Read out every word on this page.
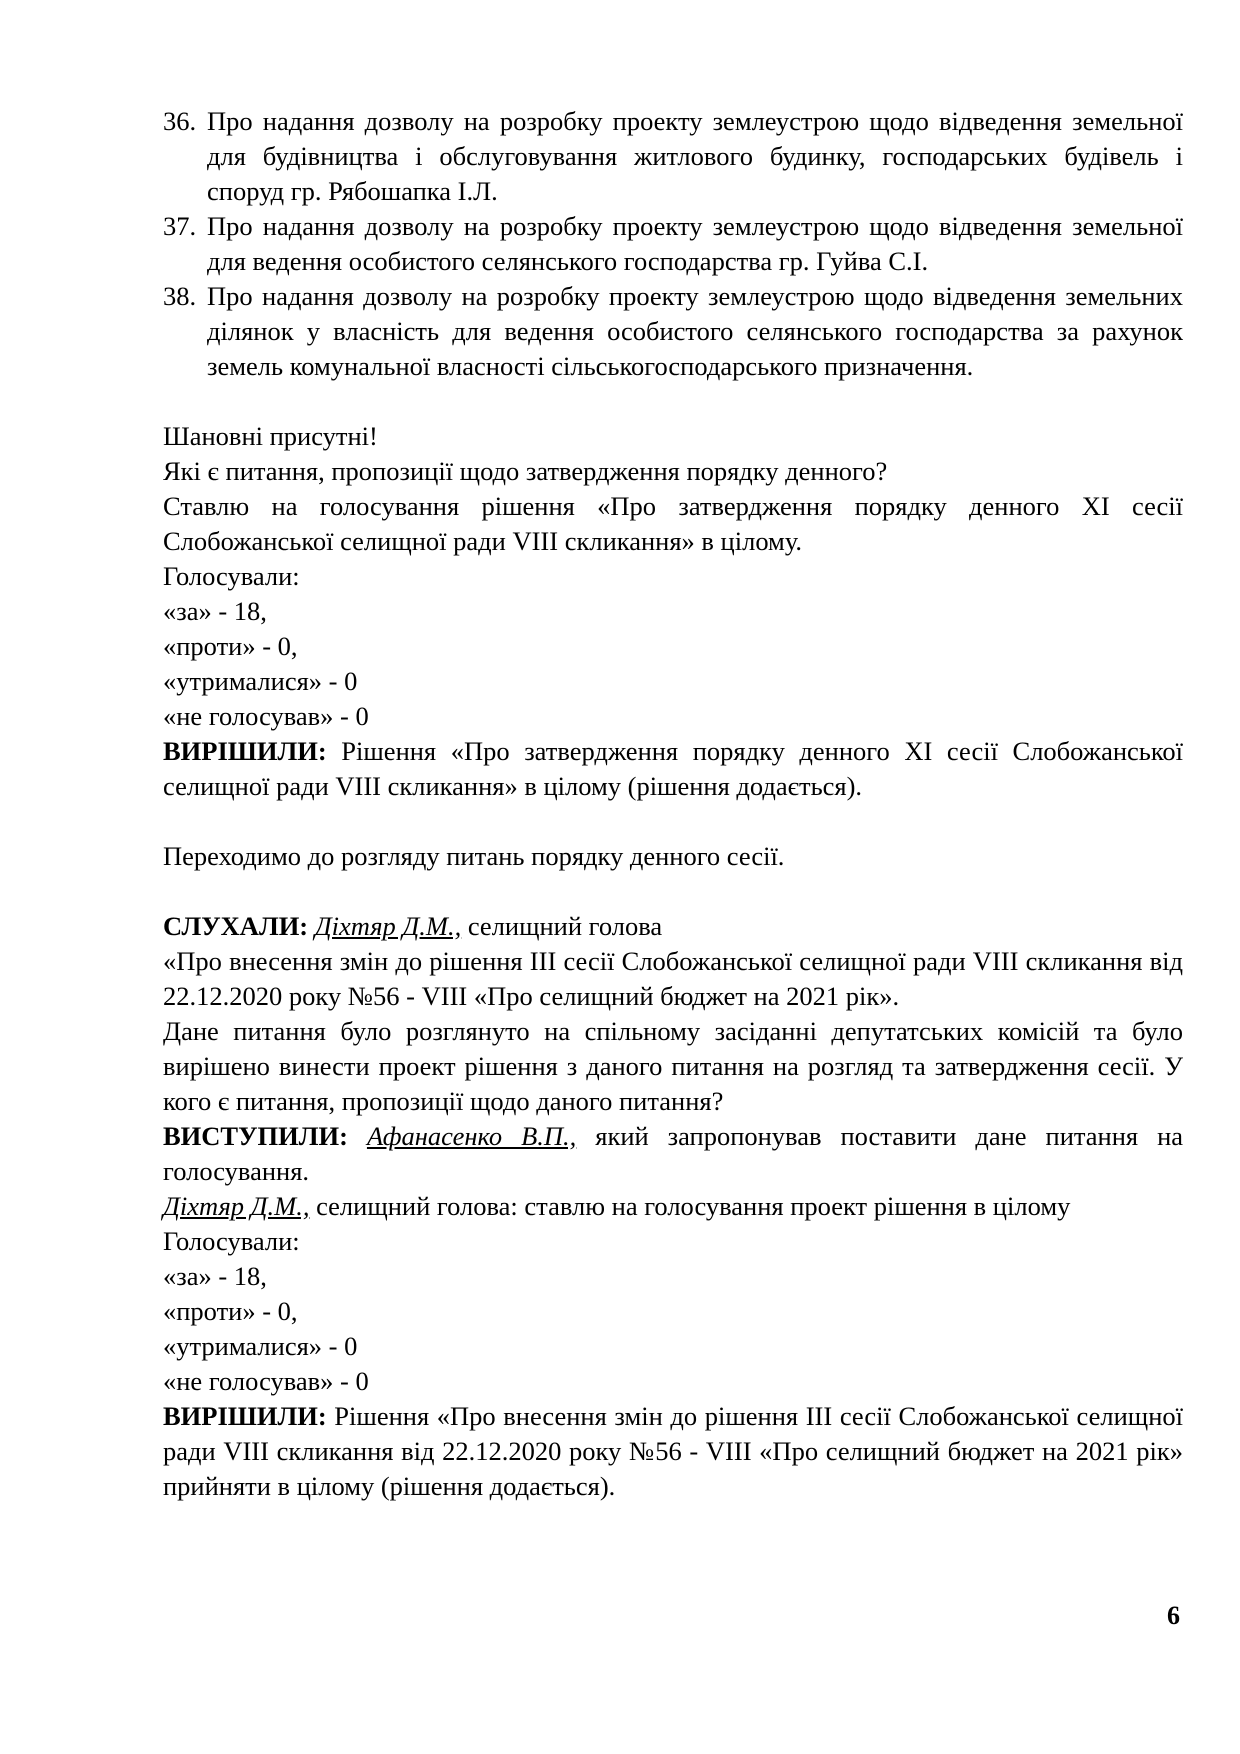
36. Про надання дозволу на розробку проекту землеустрою щодо відведення земельної для будівництва і обслуговування житлового будинку, господарських будівель і споруд гр. Рябошапка І.Л.
37. Про надання дозволу на розробку проекту землеустрою щодо відведення земельної для ведення особистого селянського господарства гр. Гуйва С.І.
38. Про надання дозволу на розробку проекту землеустрою щодо відведення земельних ділянок у власність для ведення особистого селянського господарства за рахунок земель комунальної власності сільськогосподарського призначення.
Шановні присутні!
Які є питання, пропозиції щодо затвердження порядку денного?
Ставлю на голосування рішення «Про затвердження порядку денного XI сесії Слобожанської селищної ради VIII скликання» в цілому.
Голосували:
«за» - 18,
«проти» - 0,
«утрималися» - 0
«не голосував» - 0
ВИРІШИЛИ: Рішення «Про затвердження порядку денного XI сесії Слобожанської селищної ради VIII скликання» в цілому (рішення додається).
Переходимо до розгляду питань порядку денного сесії.
СЛУХАЛИ: Діхтяр Д.М., селищний голова
«Про внесення змін до рішення ІІІ сесії Слобожанської селищної ради VIII скликання від 22.12.2020 року №56 - VIII «Про селищний бюджет на 2021 рік».
Дане питання було розглянуто на спільному засіданні депутатських комісій та було вирішено винести проект рішення з даного питання на розгляд та затвердження сесії. У кого є питання, пропозиції щодо даного питання?
ВИСТУПИЛИ: Афанасенко В.П., який запропонував поставити дане питання на голосування.
Діхтяр Д.М., селищний голова: ставлю на голосування проект рішення в цілому
Голосували:
«за» - 18,
«проти» - 0,
«утрималися» - 0
«не голосував» - 0
ВИРІШИЛИ: Рішення «Про внесення змін до рішення ІІІ сесії Слобожанської селищної ради VIII скликання від 22.12.2020 року №56 - VIII «Про селищний бюджет на 2021 рік» прийняти в цілому (рішення додається).
6
